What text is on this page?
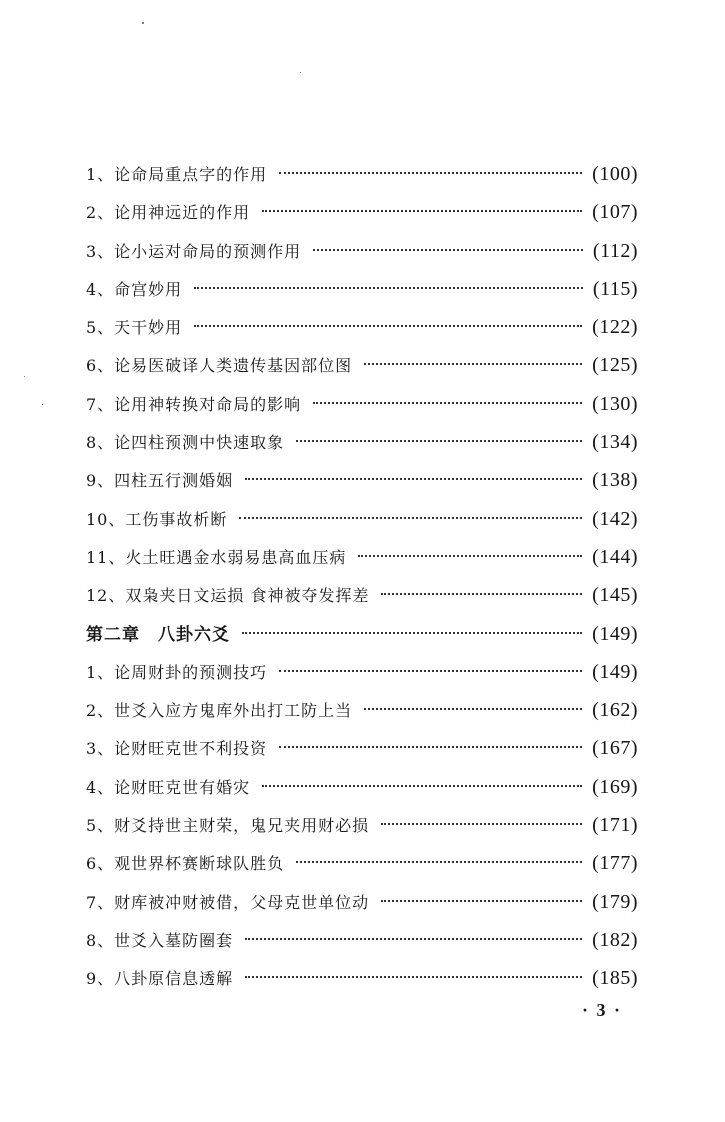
1、论命局重点字的作用	(100)
2、论用神远近的作用	(107)
3、论小运对命局的预测作用	(112)
4、命宫妙用	(115)
5、天干妙用	(122)
6、论易医破译人类遗传基因部位图	(125)
7、论用神转换对命局的影响	(130)
8、论四柱预测中快速取象	(134)
9、四柱五行测婚姻	(138)
10、工伤事故析断	(142)
11、火土旺遇金水弱易患高血压病	(144)
12、双枭夹日文运损 食神被夺发挥差	(145)
第二章　八卦六爻	(149)
1、论周财卦的预测技巧	(149)
2、世爻入应方鬼库外出打工防上当	(162)
3、论财旺克世不利投资	(167)
4、论财旺克世有婚灾	(169)
5、财爻持世主财荣，鬼兄夹用财必损	(171)
6、观世界杯赛断球队胜负	(177)
7、财库被冲财被借，父母克世单位动	(179)
8、世爻入墓防圈套	(182)
9、八卦原信息透解	(185)
· 3 ·
